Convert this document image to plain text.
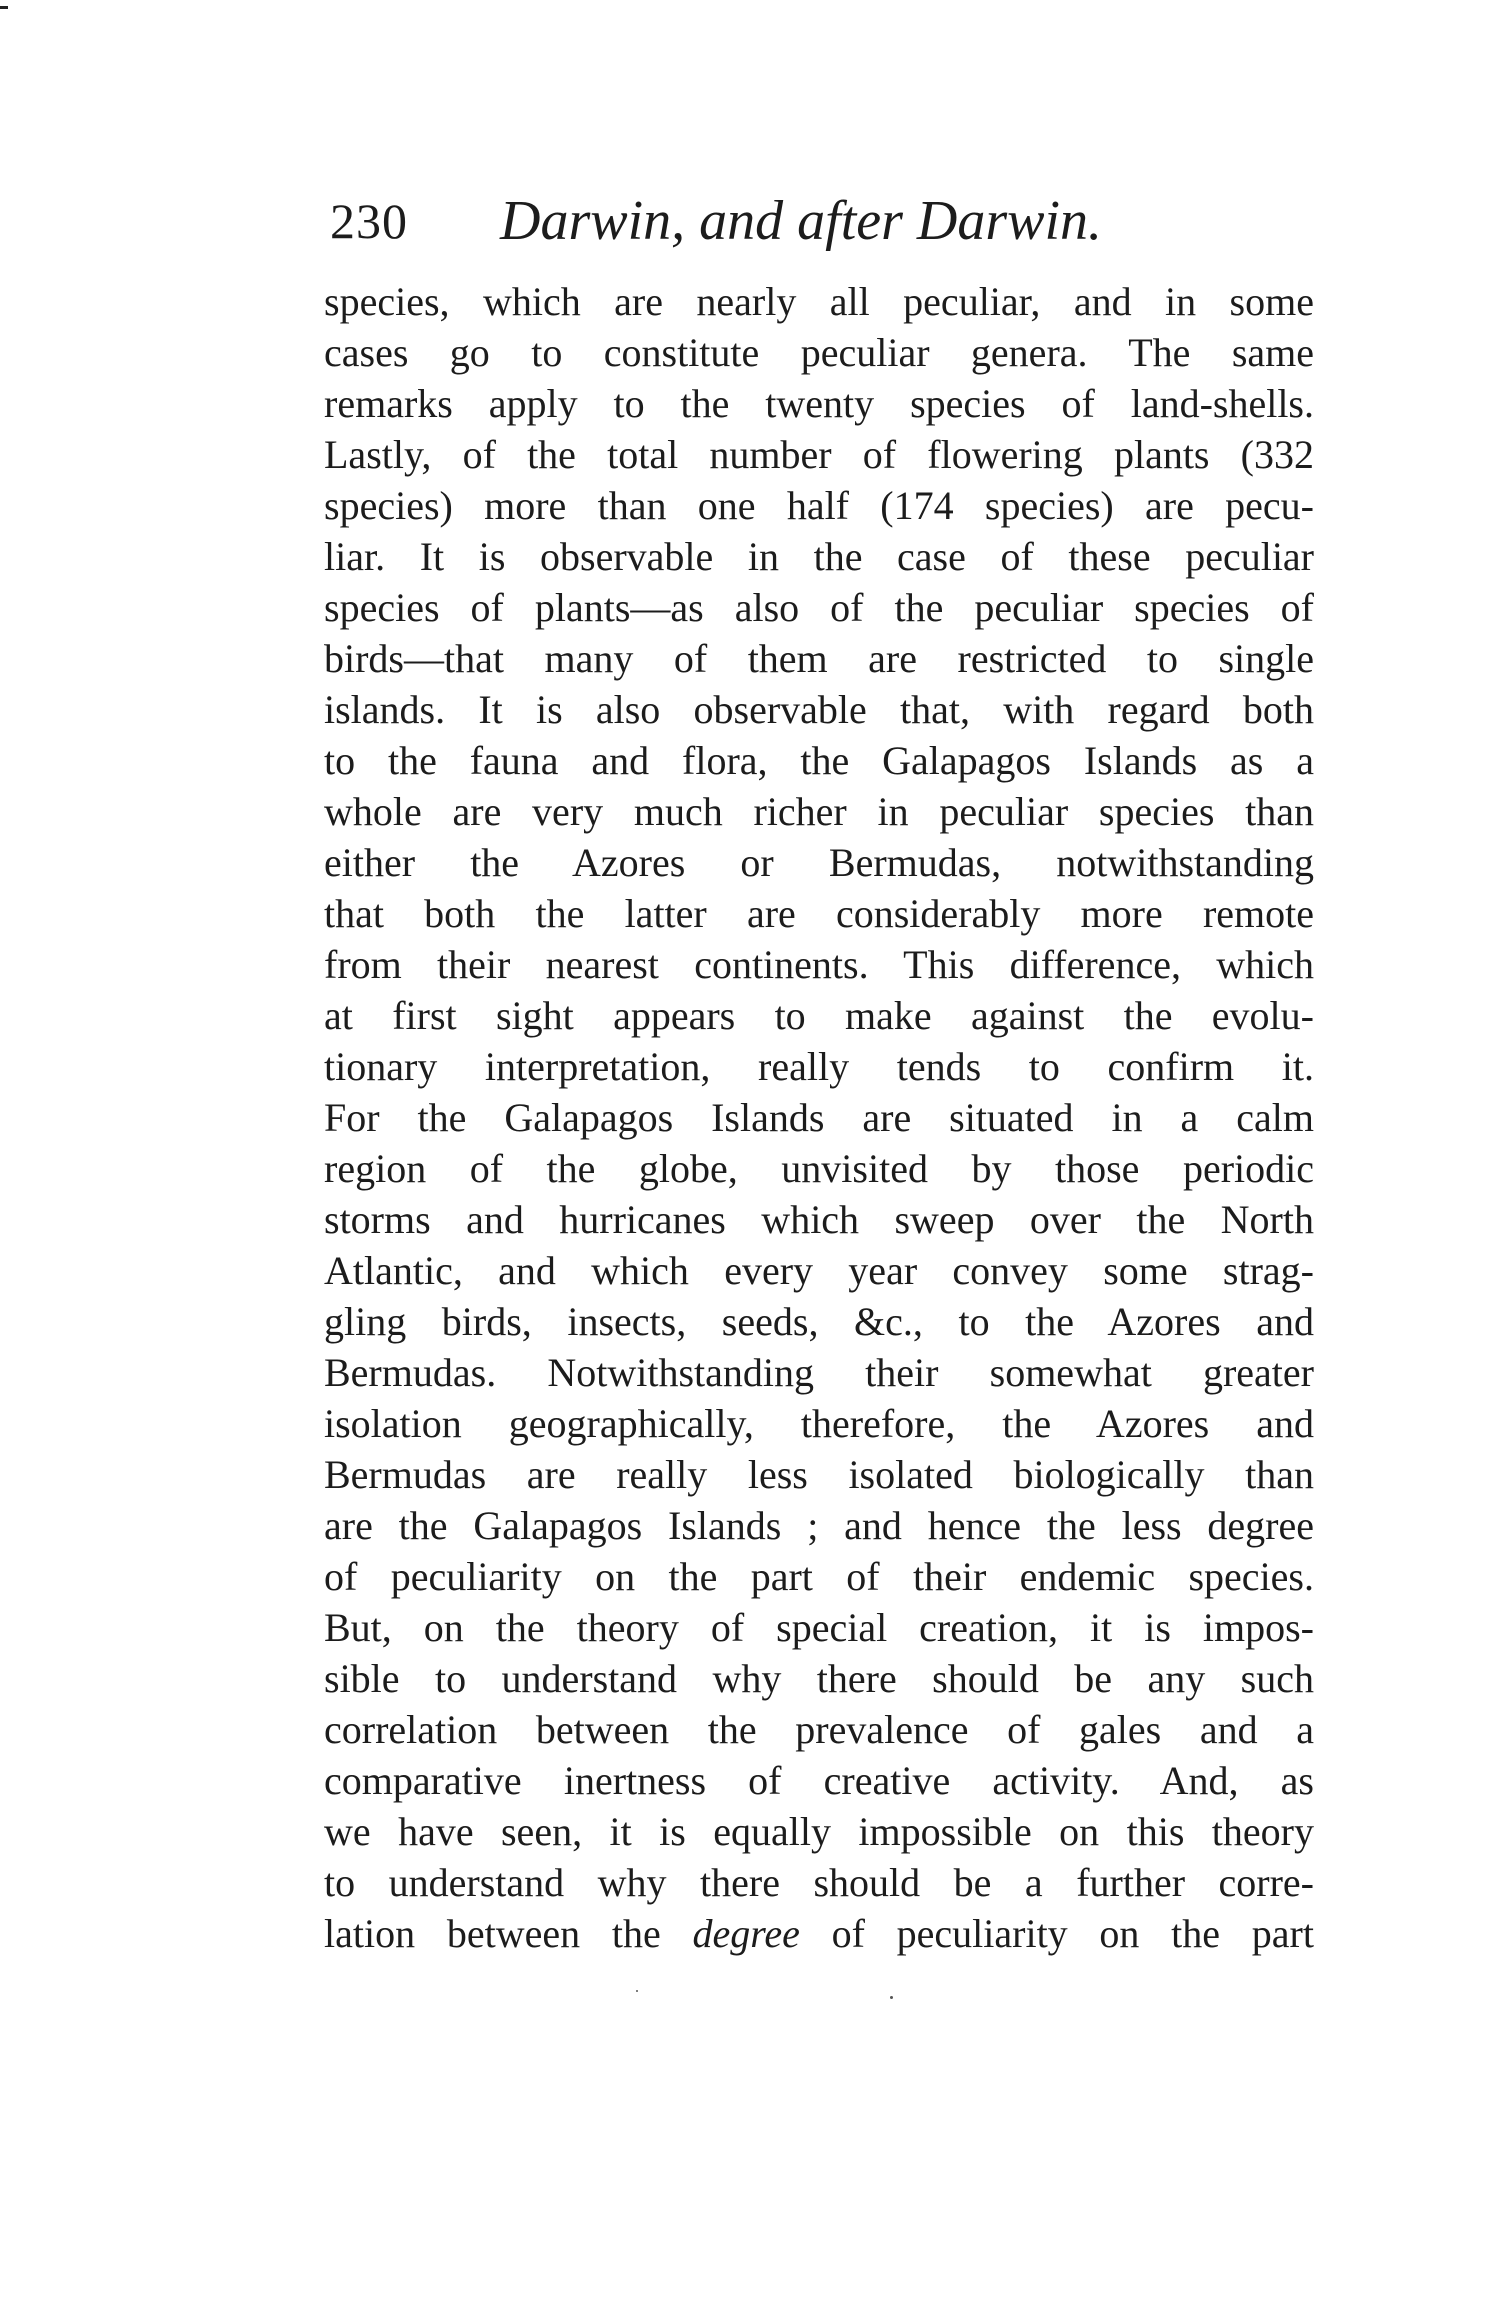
230 Darwin, and after Darwin.
species, which are nearly all peculiar, and in some
cases go to constitute peculiar genera. The same
remarks apply to the twenty species of land-shells.
Lastly, of the total number of flowering plants (332
species) more than one half (174 species) are pecu-
liar. It is observable in the case of these peculiar
species of plants—as also of the peculiar species of
birds—that many of them are restricted to single
islands. It is also observable that, with regard both
to the fauna and flora, the Galapagos Islands as a
whole are very much richer in peculiar species than
either the Azores or Bermudas, notwithstanding
that both the latter are considerably more remote
from their nearest continents. This difference, which
at first sight appears to make against the evolu-
tionary interpretation, really tends to confirm it.
For the Galapagos Islands are situated in a calm
region of the globe, unvisited by those periodic
storms and hurricanes which sweep over the North
Atlantic, and which every year convey some strag-
gling birds, insects, seeds, &c., to the Azores and
Bermudas. Notwithstanding their somewhat greater
isolation geographically, therefore, the Azores and
Bermudas are really less isolated biologically than
are the Galapagos Islands ; and hence the less degree
of peculiarity on the part of their endemic species.
But, on the theory of special creation, it is impos-
sible to understand why there should be any such
correlation between the prevalence of gales and a
comparative inertness of creative activity. And, as
we have seen, it is equally impossible on this theory
to understand why there should be a further corre-
lation between the degree of peculiarity on the part
